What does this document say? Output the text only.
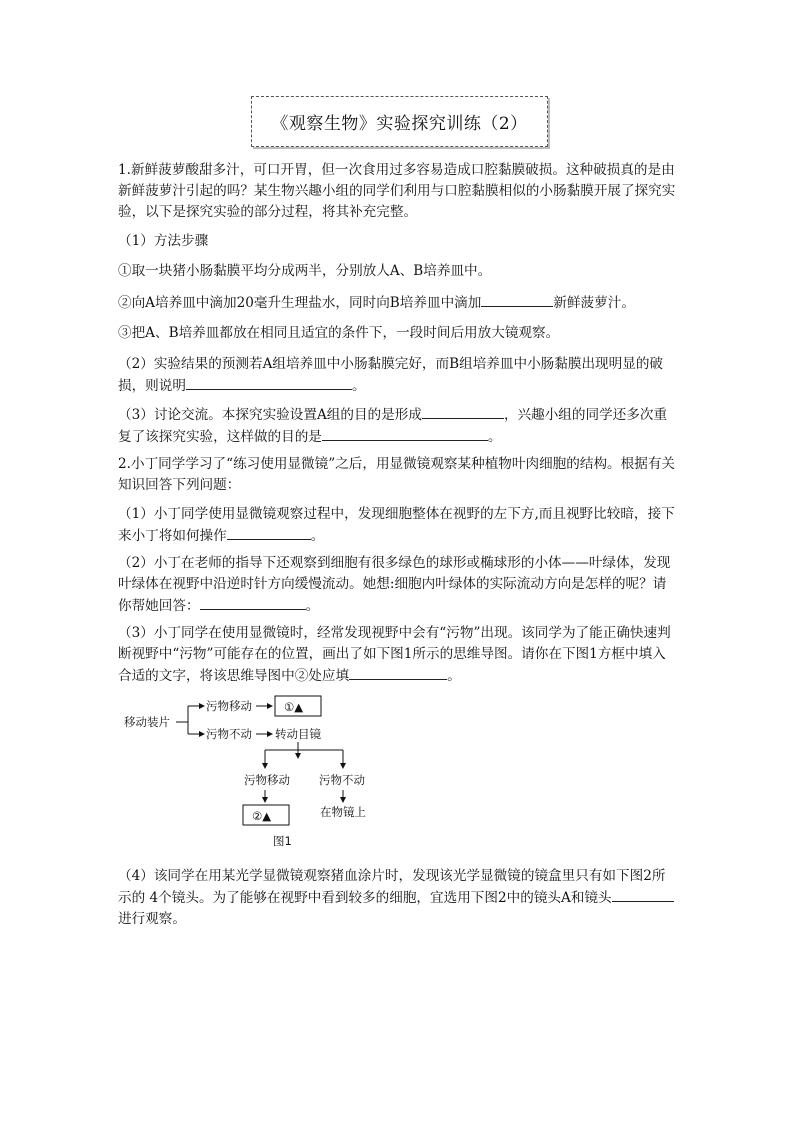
《观察生物》实验探究训练（2）

1.新鲜菠萝酸甜多汁，可口开胃，但一次食用过多容易造成口腔黏膜破损。这种破损真的是由新鲜菠萝汁引起的吗？某生物兴趣小组的同学们利用与口腔黏膜相似的小肠黏膜开展了探究实验，以下是探究实验的部分过程，将其补充完整。

（1）方法步骤

①取一块猪小肠黏膜平均分成两半，分别放人A、B培养皿中。

②向A培养皿中滴加20毫升生理盐水，同时向B培养皿中滴加	新鲜菠萝汁。

③把A、B培养皿都放在相同且适宜的条件下，一段时间后用放大镜观察。

（2）实验结果的预测若A组培养皿中小肠黏膜完好，而B组培养皿中小肠黏膜出现明显的破损，则说明	。

（3）讨论交流。本探究实验设置A组的目的是形成	，兴趣小组的同学还多次重复了该探究实验，这样做的目的是	。

2.小丁同学学习了“练习使用显微镜”之后，用显微镜观察某种植物叶肉细胞的结构。根据有关知识回答下列问题：

（1）小丁同学使用显微镜观察过程中，发现细胞整体在视野的左下方,而且视野比较暗，接下来小丁将如何操作	。

（2）小丁在老师的指导下还观察到细胞有很多绿色的球形或椭球形的小体——叶绿体，发现叶绿体在视野中沿逆时针方向缓慢流动。她想:细胞内叶绿体的实际流动方向是怎样的呢？请你帮她回答：	。

（3）小丁同学在使用显微镜时，经常发现视野中会有“污物”出现。该同学为了能正确快速判断视野中“污物”可能存在的位置，画出了如下图1所示的思维导图。请你在下图1方框中填入合适的文字，将该思维导图中②处应填	。

移动装片
污物移动
污物不动
①▲
转动目镜
污物移动	污物不动
②▲	在物镜上
图1

（4）该同学在用某光学显微镜观察猪血涂片时，发现该光学显微镜的镜盒里只有如下图2所示的 4个镜头。为了能够在视野中看到较多的细胞，宜选用下图2中的镜头A和镜头进行观察。
